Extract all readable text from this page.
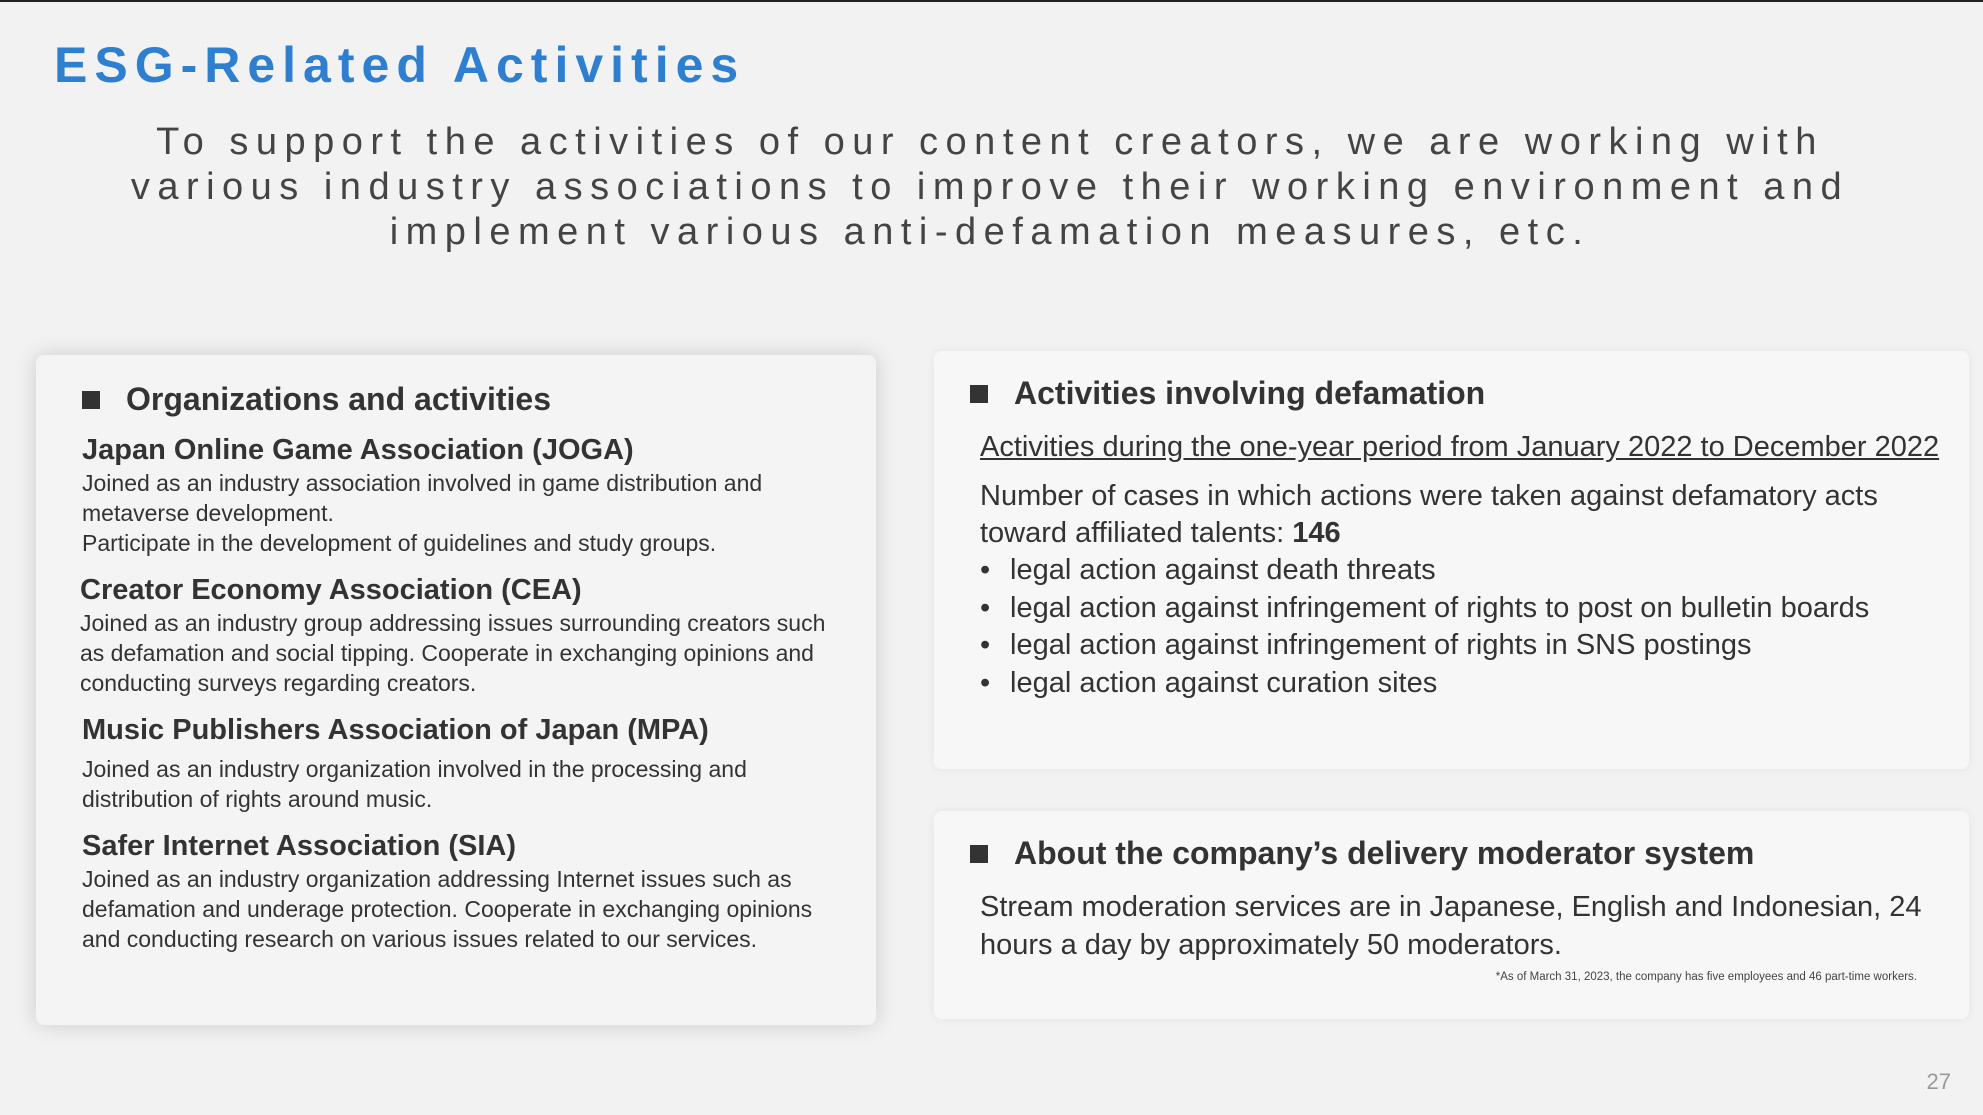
ESG-Related Activities
To support the activities of our content creators, we are working with
various industry associations to improve their working environment and
implement various anti-defamation measures, etc.
Organizations and activities

Japan Online Game Association (JOGA)

Joined as an industry association involved in game distribution and metaverse development.

Participate in the development of guidelines and study groups.

Creator Economy Association (CEA)

Joined as an industry group addressing issues surrounding creators such as defamation and social tipping. Cooperate in exchanging opinions and conducting surveys regarding creators.

Music Publishers Association of Japan (MPA)

Joined as an industry organization involved in the processing and distribution of rights around music.

Safer Internet Association (SIA)

Joined as an industry organization addressing Internet issues such as defamation and underage protection. Cooperate in exchanging opinions and conducting research on various issues related to our services.

Activities involving defamation

Activities during the one-year period from January 2022 to December 2022

Number of cases in which actions were taken against defamatory acts toward affiliated talents: 146

• legal action against death threats
• legal action against infringement of rights to post on bulletin boards
• legal action against infringement of rights in SNS postings
• legal action against curation sites
About the company’s delivery moderator system

Stream moderation services are in Japanese, English and Indonesian, 24 hours a day by approximately 50 moderators.

*As of March 31, 2023, the company has five employees and 46 part-time workers.
27
